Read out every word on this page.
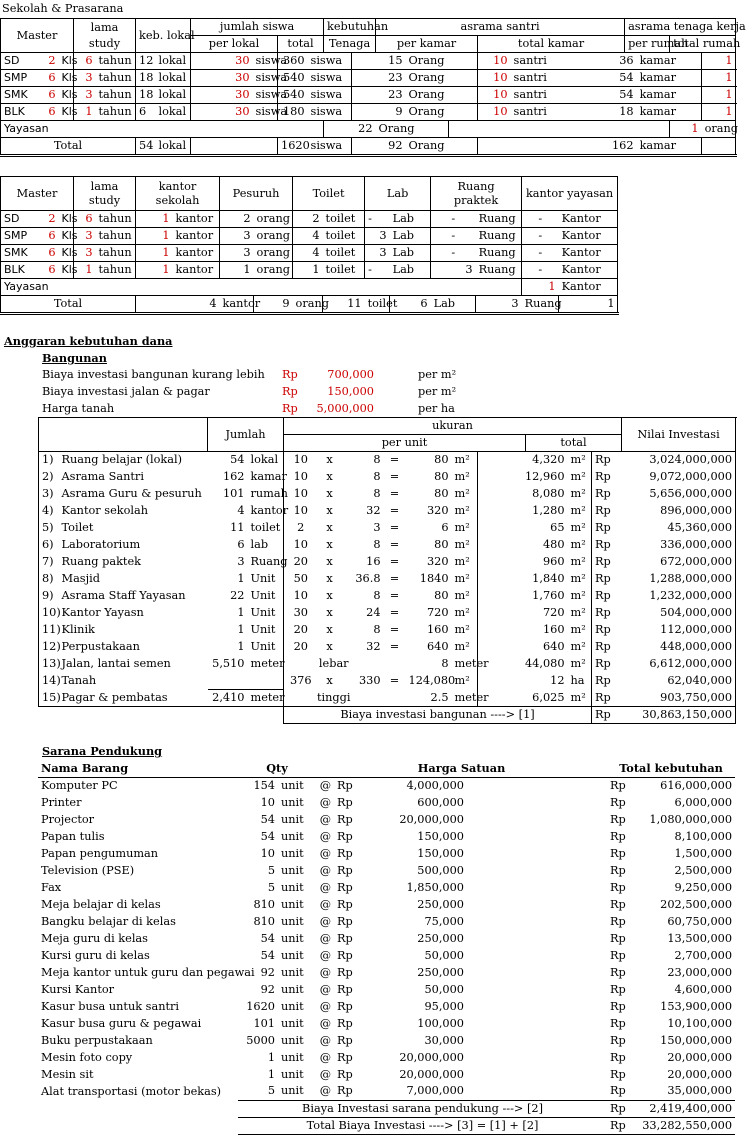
Sekolah & Prasarana
Master			lama study		keb. lokal		jumlah siswa				kebutuhan		asrama santri						asrama tenaga kerja				
							per lokal		total		Tenaga		per kamar			total kamar			per rumah		total rumah		
SD	2	Kls	6	tahun	12	lokal	30	siswa	360	siswa		15		Orang		10	santri	36		kamar		1			
SMP	6	Kls	3	tahun	18	lokal	30	siswa	540	siswa		23		Orang		10	santri	54		kamar		1			
SMK	6	Kls	3	tahun	18	lokal	30	siswa	540	siswa		23		Orang		10	santri	54		kamar		1			
BLK	6	Kls	1	tahun	6	lokal	30	siswa	180	siswa		9		Orang		10	santri	18		kamar		1			
Yayasan											22		Orang								1	orang		
Total					54	lokal			1620	siswa		92		Orang				162		kamar			
Master			lama study		kantor sekolah			Pesuruh		Toilet		Lab		Ruang praktek		kantor yayasan		
SD	2	Kls	6	tahun		1	kantor	2	orang	2	toilet	-	Lab	-	Ruang	-	Kantor	
SMP	6	Kls	3	tahun		1	kantor	3	orang	4	toilet	3	Lab	-	Ruang	-	Kantor	
SMK	6	Kls	3	tahun		1	kantor	3	orang	4	toilet	3	Lab	-	Ruang	-	Kantor	
BLK	6	Kls	1	tahun		1	kantor	1	orang	1	toilet	-	Lab	3	Ruang	-	Kantor	
Yayasan																1	Kantor	
Total							4	kantor	9	orang	11	toilet	6	Lab	3	Ruang	1	
Anggaran kebutuhan dana
Bangunan
Biaya investasi bangunan kurang lebih	Rp	700,000	per m²
Biaya investasi jalan & pagar	Rp	150,000	per m²
Harga tanah	Rp	5,000,000	per ha
		Jumlah		ukuran										Nilai Investasi
				per unit							total			
1)	Ruang belajar (lokal)	54	lokal	10	x	8	=	80	m²	4,320		m²	Rp	3,024,000,000
2)	Asrama Santri	162	kamar	10	x	8	=	80	m²	12,960		m²	Rp	9,072,000,000
3)	Asrama Guru & pesuruh	101	rumah	10	x	8	=	80	m²	8,080		m²	Rp	5,656,000,000
4)	Kantor sekolah	4	kantor	10	x	32	=	320	m²	1,280		m²	Rp	896,000,000
5)	Toilet	11	toilet	2	x	3	=	6	m²	65		m²	Rp	45,360,000
6)	Laboratorium	6	lab	10	x	8	=	80	m²	480		m²	Rp	336,000,000
7)	Ruang paktek	3	Ruang	20	x	16	=	320	m²	960		m²	Rp	672,000,000
8)	Masjid	1	Unit	50	x	36.8	=	1840	m²	1,840		m²	Rp	1,288,000,000
9)	Asrama Staff Yayasan	22	Unit	10	x	8	=	80	m²	1,760		m²	Rp	1,232,000,000
10)	Kantor Yayasn	1	Unit	30	x	24	=	720	m²	720		m²	Rp	504,000,000
11)	Klinik	1	Unit	20	x	8	=	160	m²	160		m²	Rp	112,000,000
12)	Perpustakaan	1	Unit	20	x	32	=	640	m²	640		m²	Rp	448,000,000
13)	Jalan, lantai semen	5,510	meter	lebar			8		meter	44,080		m²	Rp	6,612,000,000
14)	Tanah			376	x	330	=	124,080	m²	12		ha	Rp	62,040,000
15)	Pagar & pembatas	2,410	meter	tinggi			2.5		meter	6,025		m²	Rp	903,750,000
				Biaya investasi bangunan ----> [1]									Rp	30,863,150,000
Sarana Pendukung
Nama Barang	Qty		Harga Satuan				Total kebutuhan	
Komputer PC	154	unit	@	Rp	4,000,000		Rp	616,000,000
Printer	10	unit	@	Rp	600,000		Rp	6,000,000
Projector	54	unit	@	Rp	20,000,000		Rp	1,080,000,000
Papan tulis	54	unit	@	Rp	150,000		Rp	8,100,000
Papan pengumuman	10	unit	@	Rp	150,000		Rp	1,500,000
Television (PSE)	5	unit	@	Rp	500,000		Rp	2,500,000
Fax	5	unit	@	Rp	1,850,000		Rp	9,250,000
Meja belajar di kelas	810	unit	@	Rp	250,000		Rp	202,500,000
Bangku belajar di kelas	810	unit	@	Rp	75,000		Rp	60,750,000
Meja guru di kelas	54	unit	@	Rp	250,000		Rp	13,500,000
Kursi guru di kelas	54	unit	@	Rp	50,000		Rp	2,700,000
Meja kantor untuk guru dan pegawai	92	unit	@	Rp	250,000		Rp	23,000,000
Kursi Kantor	92	unit	@	Rp	50,000		Rp	4,600,000
Kasur busa untuk santri	1620	unit	@	Rp	95,000		Rp	153,900,000
Kasur busa guru & pegawai	101	unit	@	Rp	100,000		Rp	10,100,000
Buku perpustakaan	5000	unit	@	Rp	30,000		Rp	150,000,000
Mesin foto copy	1	unit	@	Rp	20,000,000		Rp	20,000,000
Mesin sit	1	unit	@	Rp	20,000,000		Rp	20,000,000
Alat transportasi (motor bekas)	5	unit	@	Rp	7,000,000		Rp	35,000,000
	Biaya Investasi sarana pendukung ---> [2]						Rp	2,419,400,000
	Total Biaya Investasi ----> [3] = [1] + [2]						Rp	33,282,550,000
